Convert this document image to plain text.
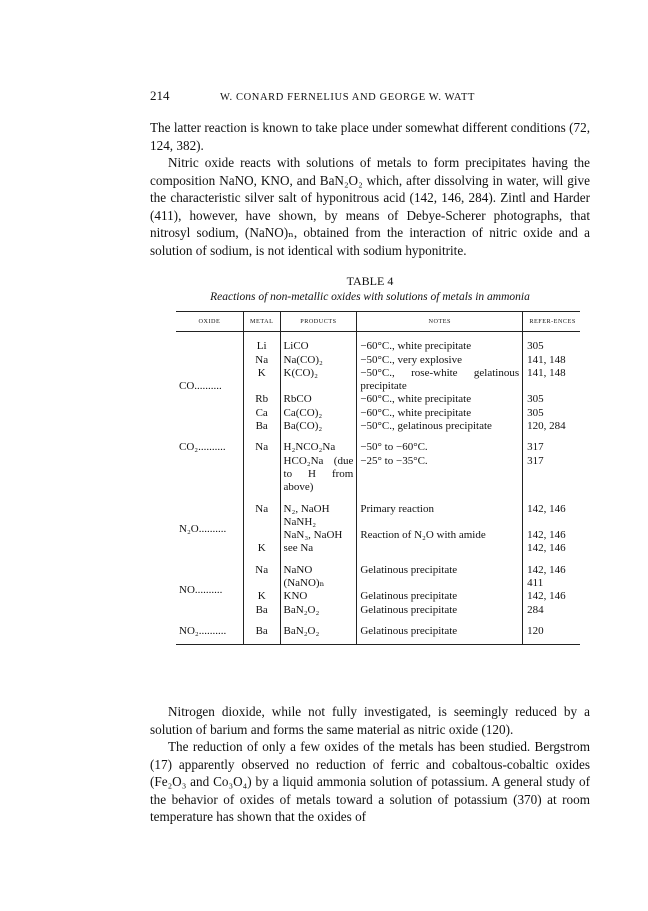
214	W. CONARD FERNELIUS AND GEORGE W. WATT

The latter reaction is known to take place under somewhat different conditions (72, 124, 382).

Nitric oxide reacts with solutions of metals to form precipitates having the composition NaNO, KNO, and BaN₂O₂ which, after dissolving in water, will give the characteristic silver salt of hyponitrous acid (142, 146, 284). Zintl and Harder (411), however, have shown, by means of Debye-Scherer photographs, that nitrosyl sodium, (NaNO)ₙ, obtained from the interaction of nitric oxide and a solution of sodium, is not identical with sodium hyponitrite.

TABLE 4
Reactions of non-metallic oxides with solutions of metals in ammonia
OXIDE	METAL	PRODUCTS	NOTES	REFER-ENCES

CO..........	Li	LiCO	−60°C., white precipitate	305
	Na	Na(CO)₂	−50°C., very explosive	141, 148
	K	K(CO)₂	−50°C., rose-white gelatinous precipitate	141, 148
	Rb	RbCO	−60°C., white precipitate	305
	Ca	Ca(CO)₂	−60°C., white precipitate	305
	Ba	Ba(CO)₂	−50°C., gelatinous precipitate	120, 284

CO₂..........	Na	H₂NCO₂Na	−50° to −60°C.	317
		HCO₂Na (due to H from above)	−25° to −35°C.	317

N₂O..........	Na	N₂, NaOH NaNH₂	Primary reaction	142, 146
		NaN₃, NaOH	Reaction of N₂O with amide	142, 146
	K	see Na		142, 146

NO..........	Na	NaNO	Gelatinous precipitate	142, 146
		(NaNO)ₙ		411
	K	KNO	Gelatinous precipitate	142, 146
	Ba	BaN₂O₂	Gelatinous precipitate	284

NO₂..........	Ba	BaN₂O₂	Gelatinous precipitate	120

Nitrogen dioxide, while not fully investigated, is seemingly reduced by a solution of barium and forms the same material as nitric oxide (120).

The reduction of only a few oxides of the metals has been studied. Bergstrom (17) apparently observed no reduction of ferric and cobaltous-cobaltic oxides (Fe₂O₃ and Co₃O₄) by a liquid ammonia solution of potassium. A general study of the behavior of oxides of metals toward a solution of potassium (370) at room temperature has shown that the oxides of
